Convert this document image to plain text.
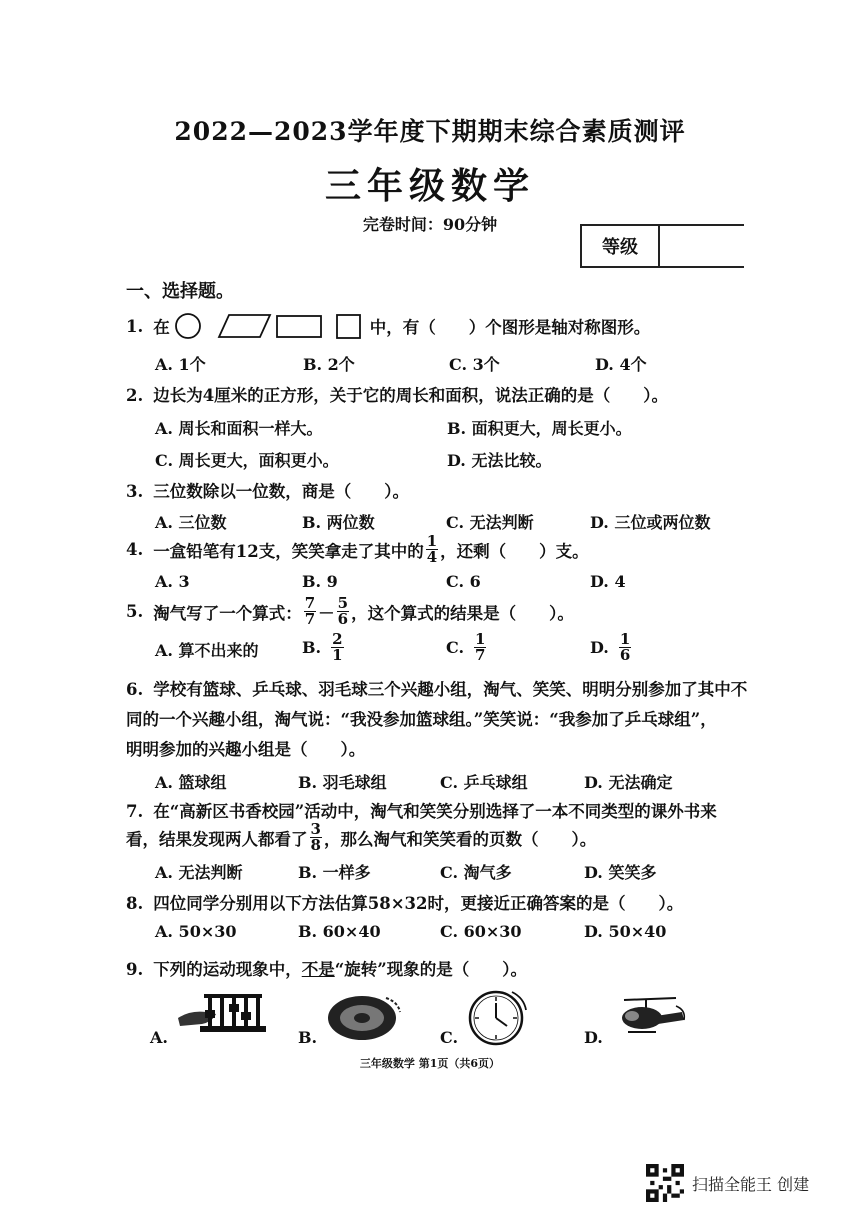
2022—2023学年度下期期末综合素质测评
三年级数学
完卷时间：90分钟
等级
一、选择题。
1. 在	中，有（　　）个图形是轴对称图形。
A. 1个	B. 2个	C. 3个	D. 4个
2. 边长为4厘米的正方形，关于它的周长和面积，说法正确的是（　　）。
A. 周长和面积一样大。	B. 面积更大，周长更小。
C. 周长更大，面积更小。	D. 无法比较。
3. 三位数除以一位数，商是（　　）。
A. 三位数	B. 两位数	C. 无法判断	D. 三位或两位数
4. 一盒铅笔有12支，笑笑拿走了其中的 $\frac{1}{4}$ ，还剩（　　）支。
A. 3	B. 9	C. 6	D. 4
5. 淘气写了一个算式： $\frac{7}{7} - \frac{5}{6}$ ，这个算式的结果是（　　）。
A. 算不出来的	B. $\frac{2}{1}$	C. $\frac{1}{7}$	D. $\frac{1}{6}$
6. 学校有篮球、乒乓球、羽毛球三个兴趣小组，淘气、笑笑、明明分别参加了其中不
同的一个兴趣小组，淘气说：“我没参加篮球组。”笑笑说：“我参加了乒乓球组”，
明明参加的兴趣小组是（　　）。
A. 篮球组	B. 羽毛球组	C. 乒乓球组	D. 无法确定
7. 在“高新区书香校园”活动中，淘气和笑笑分别选择了一本不同类型的课外书来
看，结果发现两人都看了 $\frac{3}{8}$ ，那么淘气和笑笑看的页数（　　）。
A. 无法判断	B. 一样多	C. 淘气多	D. 笑笑多
8. 四位同学分别用以下方法估算58×32时，更接近正确答案的是（　　）。
A. 50×30	B. 60×40	C. 60×30	D. 50×40
9. 下列的运动现象中，不是“旋转”现象的是（　　）。
A.	B.	C.	D.
三年级数学 第1页（共6页）
扫描全能王 创建
